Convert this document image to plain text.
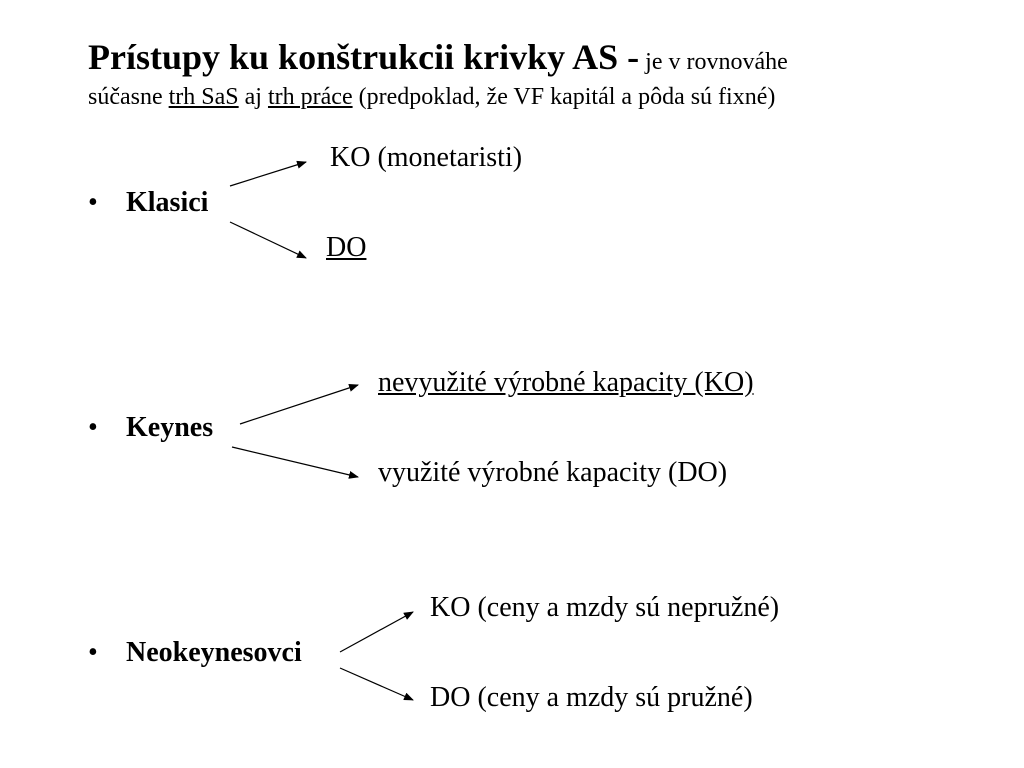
Prístupy ku konštrukcii krivky AS - je v rovnováhe
súčasne trh SaS aj trh práce (predpoklad, že VF kapitál a pôda sú fixné)
• Klasici
KO (monetaristi)
DO
• Keynes
nevyužité výrobné kapacity (KO)
využité výrobné kapacity (DO)
• Neokeynesovci
KO (ceny a mzdy sú nepružné)
DO (ceny a mzdy sú pružné)
